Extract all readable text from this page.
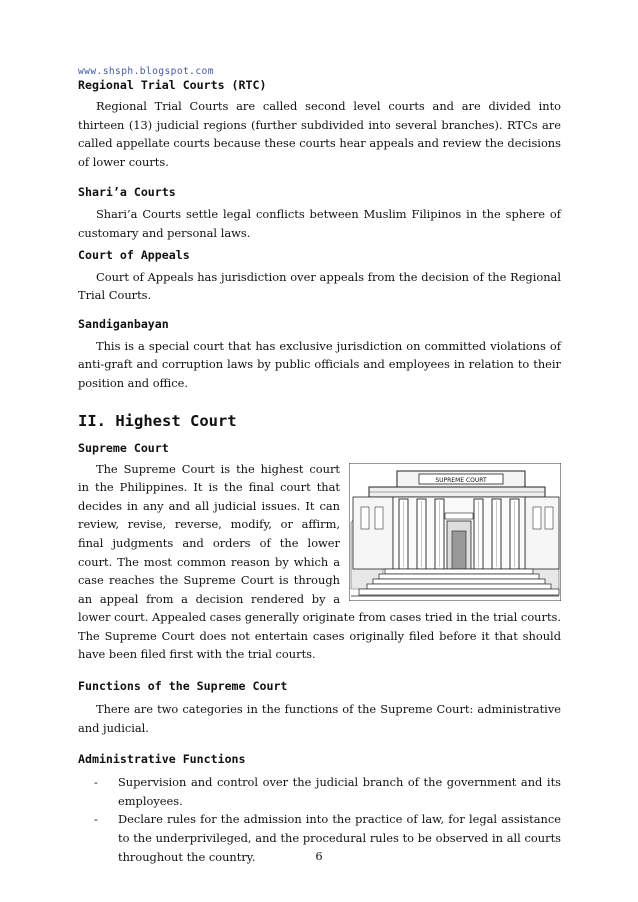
www.shsph.blogspot.com
Regional Trial Courts (RTC)

Regional Trial Courts are called second level courts and are divided into thirteen (13) judicial regions (further subdivided into several branches). RTCs are called appellate courts because these courts hear appeals and review the decisions of lower courts.

Shari’a Courts

Shari’a Courts settle legal conflicts between Muslim Filipinos in the sphere of customary and personal laws.

Court of Appeals

Court of Appeals has jurisdiction over appeals from the decision of the Regional Trial Courts.

Sandiganbayan

This is a special court that has exclusive jurisdiction on committed violations of anti-graft and corruption laws by public officials and employees in relation to their position and office.

II. Highest Court
Supreme Court
SUPREME COURT

The Supreme Court is the highest court in the Philippines. It is the final court that decides in any and all judicial issues. It can review, revise, reverse, modify, or affirm, final judgments and orders of the lower court. The most common reason by which a case reaches the Supreme Court is through an appeal from a decision rendered by a lower court. Appealed cases generally originate from cases tried in the trial courts. The Supreme Court does not entertain cases originally filed before it that should have been filed first with the trial courts.

Functions of the Supreme Court

There are two categories in the functions of the Supreme Court: administrative and judicial.

Administrative Functions
- Supervision and control over the judicial branch of the government and its employees.
- Declare rules for the admission into the practice of law, for legal assistance to the underprivileged, and the procedural rules to be observed in all courts throughout the country.	6
